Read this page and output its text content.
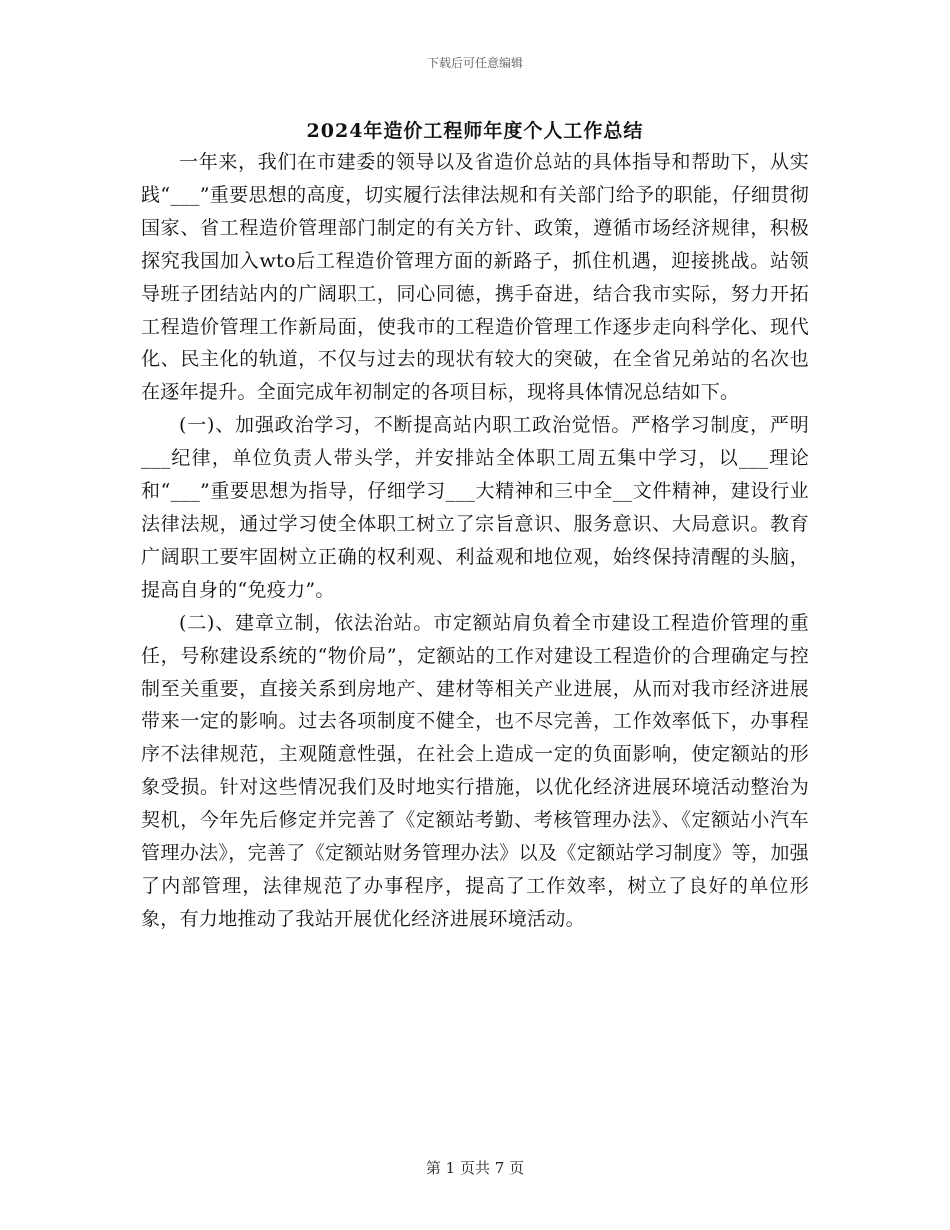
下载后可任意编辑
2024年造价工程师年度个人工作总结

一年来，我们在市建委的领导以及省造价总站的具体指导和帮助下，从实践“___”重要思想的高度，切实履行法律法规和有关部门给予的职能，仔细贯彻国家、省工程造价管理部门制定的有关方针、政策，遵循市场经济规律，积极探究我国加入wto后工程造价管理方面的新路子，抓住机遇，迎接挑战。站领导班子团结站内的广阔职工，同心同德，携手奋进，结合我市实际，努力开拓工程造价管理工作新局面，使我市的工程造价管理工作逐步走向科学化、现代化、民主化的轨道，不仅与过去的现状有较大的突破，在全省兄弟站的名次也在逐年提升。全面完成年初制定的各项目标，现将具体情况总结如下。

(一)、加强政治学习，不断提高站内职工政治觉悟。严格学习制度，严明___纪律，单位负责人带头学，并安排站全体职工周五集中学习，以___理论和“___”重要思想为指导，仔细学习___大精神和三中全__文件精神，建设行业法律法规，通过学习使全体职工树立了宗旨意识、服务意识、大局意识。教育广阔职工要牢固树立正确的权利观、利益观和地位观，始终保持清醒的头脑，提高自身的“免疫力”。

(二)、建章立制，依法治站。市定额站肩负着全市建设工程造价管理的重任，号称建设系统的“物价局”，定额站的工作对建设工程造价的合理确定与控制至关重要，直接关系到房地产、建材等相关产业进展，从而对我市经济进展带来一定的影响。过去各项制度不健全，也不尽完善，工作效率低下，办事程序不法律规范，主观随意性强，在社会上造成一定的负面影响，使定额站的形象受损。针对这些情况我们及时地实行措施，以优化经济进展环境活动整治为契机，今年先后修定并完善了《定额站考勤、考核管理办法》、《定额站小汽车管理办法》，完善了《定额站财务管理办法》以及《定额站学习制度》等，加强了内部管理，法律规范了办事程序，提高了工作效率，树立了良好的单位形象，有力地推动了我站开展优化经济进展环境活动。

第 1 页共 7 页
